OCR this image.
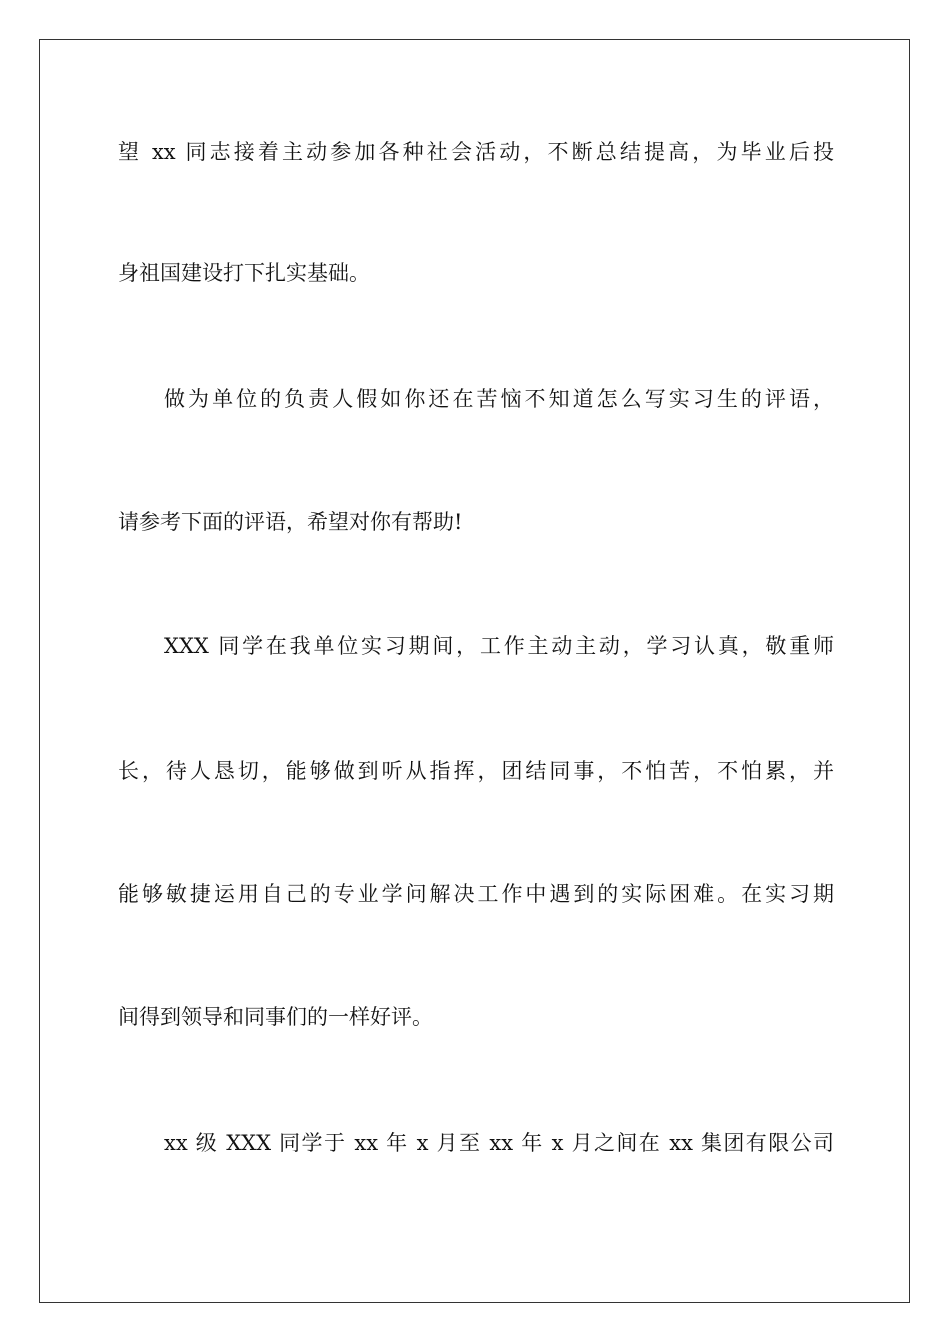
望 xx 同志接着主动参加各种社会活动，不断总结提高，为毕业后投
身祖国建设打下扎实基础。
做为单位的负责人假如你还在苦恼不知道怎么写实习生的评语，
请参考下面的评语，希望对你有帮助!
XXX 同学在我单位实习期间，工作主动主动，学习认真，敬重师
长，待人恳切，能够做到听从指挥，团结同事，不怕苦，不怕累，并
能够敏捷运用自己的专业学问解决工作中遇到的实际困难。在实习期
间得到领导和同事们的一样好评。
xx 级 XXX 同学于 xx 年 x 月至 xx 年 x 月之间在 xx 集团有限公司
